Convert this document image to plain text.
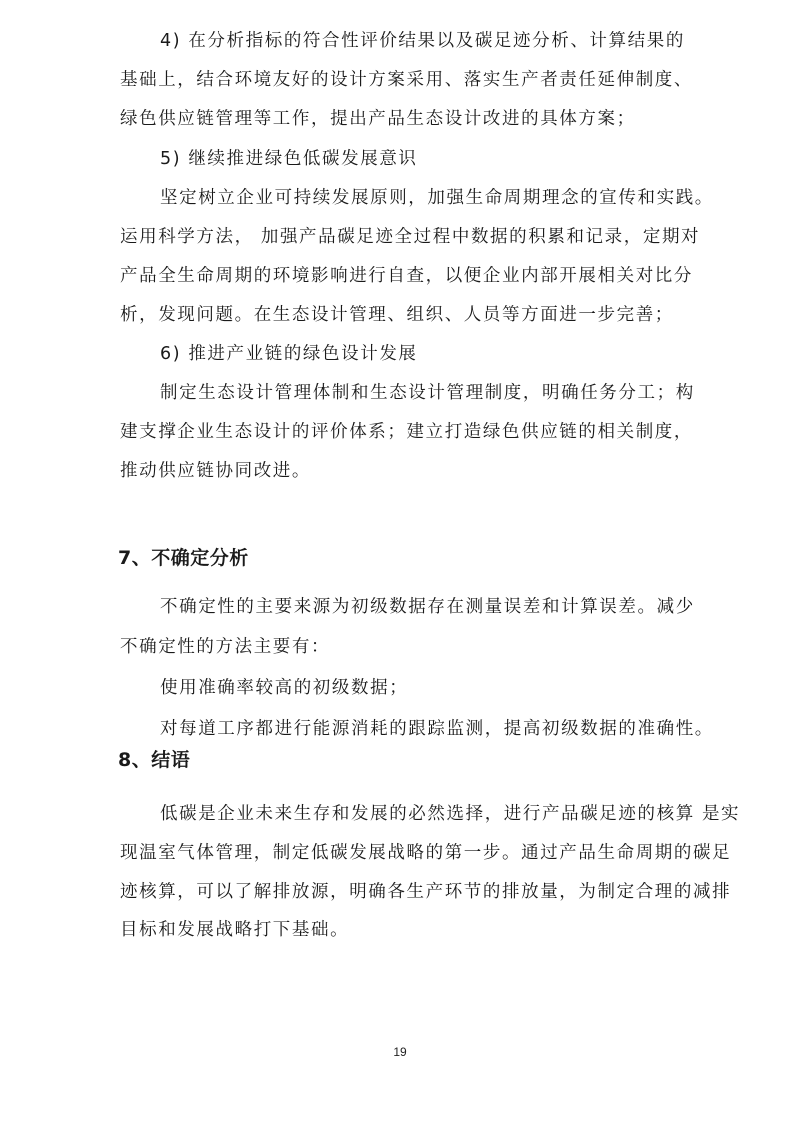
4) 在分析指标的符合性评价结果以及碳足迹分析、计算结果的
基础上，结合环境友好的设计方案采用、落实生产者责任延伸制度、
绿色供应链管理等工作，提出产品生态设计改进的具体方案；
5) 继续推进绿色低碳发展意识
坚定树立企业可持续发展原则，加强生命周期理念的宣传和实践。
运用科学方法， 加强产品碳足迹全过程中数据的积累和记录，定期对
产品全生命周期的环境影响进行自查，以便企业内部开展相关对比分
析，发现问题。在生态设计管理、组织、人员等方面进一步完善；
6) 推进产业链的绿色设计发展
制定生态设计管理体制和生态设计管理制度，明确任务分工；构
建支撑企业生态设计的评价体系；建立打造绿色供应链的相关制度，
推动供应链协同改进。
7、不确定分析
不确定性的主要来源为初级数据存在测量误差和计算误差。减少
不确定性的方法主要有：
使用准确率较高的初级数据；
对每道工序都进行能源消耗的跟踪监测，提高初级数据的准确性。
8、结语
低碳是企业未来生存和发展的必然选择，进行产品碳足迹的核算 是实
现温室气体管理，制定低碳发展战略的第一步。通过产品生命周期的碳足
迹核算，可以了解排放源，明确各生产环节的排放量，为制定合理的减排
目标和发展战略打下基础。
19
